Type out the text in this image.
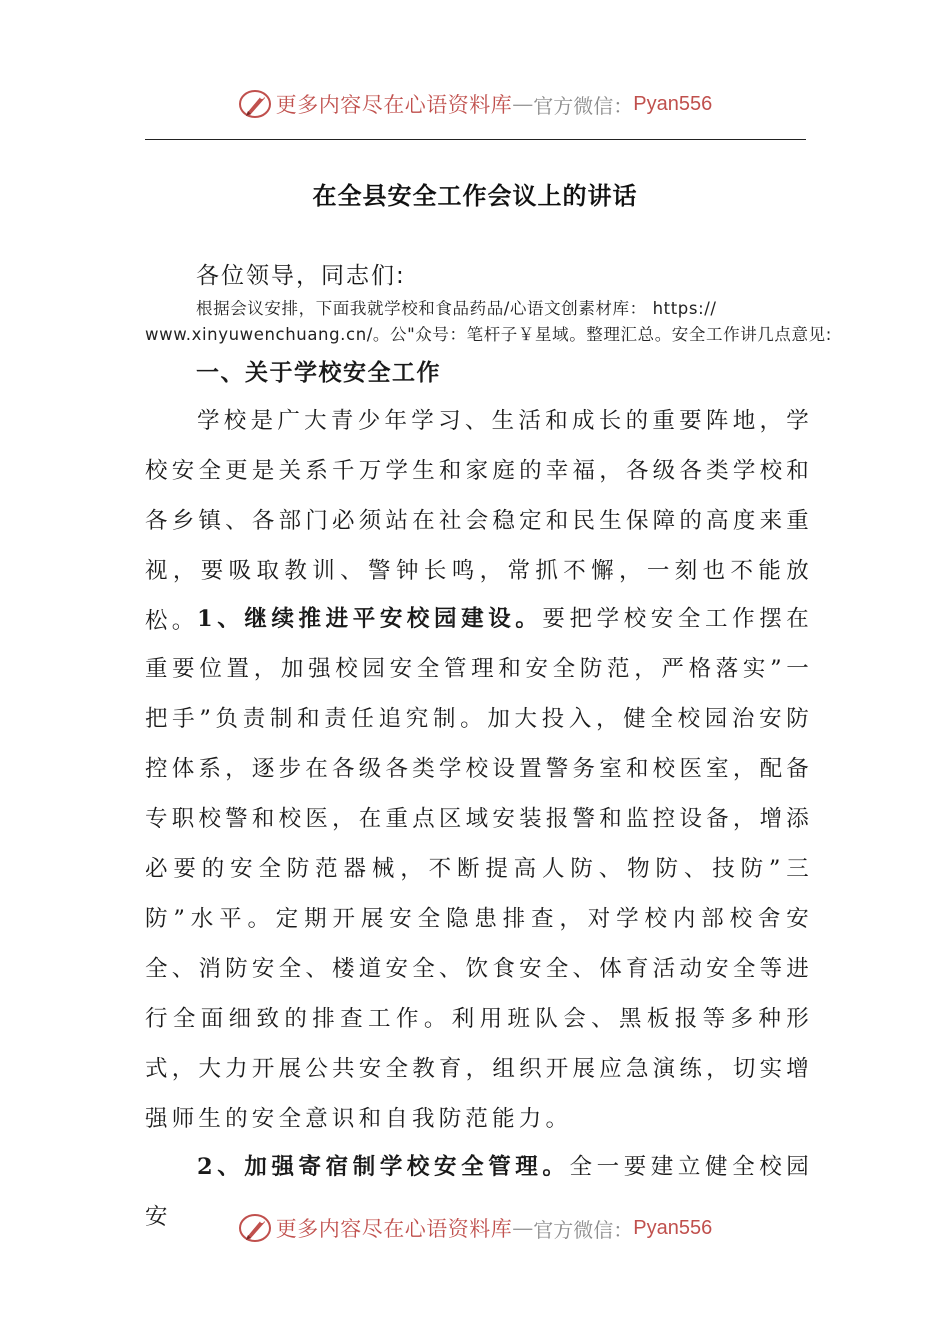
更多内容尽在心语资料库 — 官方微信： Pyan556
在全县安全工作会议上的讲话
各位领导，同志们:
根据会议安排，下面我就学校和食品药品/心语文创素材库： https://
www.xinyuwenchuang.cn/。公"众号：笔杆子￥星域。整理汇总。安全工作讲几点意见:
一、关于学校安全工作

学校是广大青少年学习、生活和成长的重要阵地，学校安全更是关系千万学生和家庭的幸福，各级各类学校和各乡镇、各部门必须站在社会稳定和民生保障的高度来重视，要吸取教训、警钟长鸣，常抓不懈，一刻也不能放松。

1、继续推进平安校园建设。要把学校安全工作摆在重要位置，加强校园安全管理和安全防范，严格落实”一把手”负责制和责任追究制。加大投入，健全校园治安防控体系，逐步在各级各类学校设置警务室和校医室，配备专职校警和校医，在重点区域安装报警和监控设备，增添必要的安全防范器械，不断提高人防、物防、技防”三防”水平。定期开展安全隐患排查，对学校内部校舍安全、消防安全、楼道安全、饮食安全、体育活动安全等进行全面细致的排查工作。利用班队会、黑板报等多种形式，大力开展公共安全教育，组织开展应急演练，切实增强师生的安全意识和自我防范能力。

2、加强寄宿制学校安全管理。全一要建立健全校园安	更多内容尽在心语资料库 — 官方微信： Pyan556
